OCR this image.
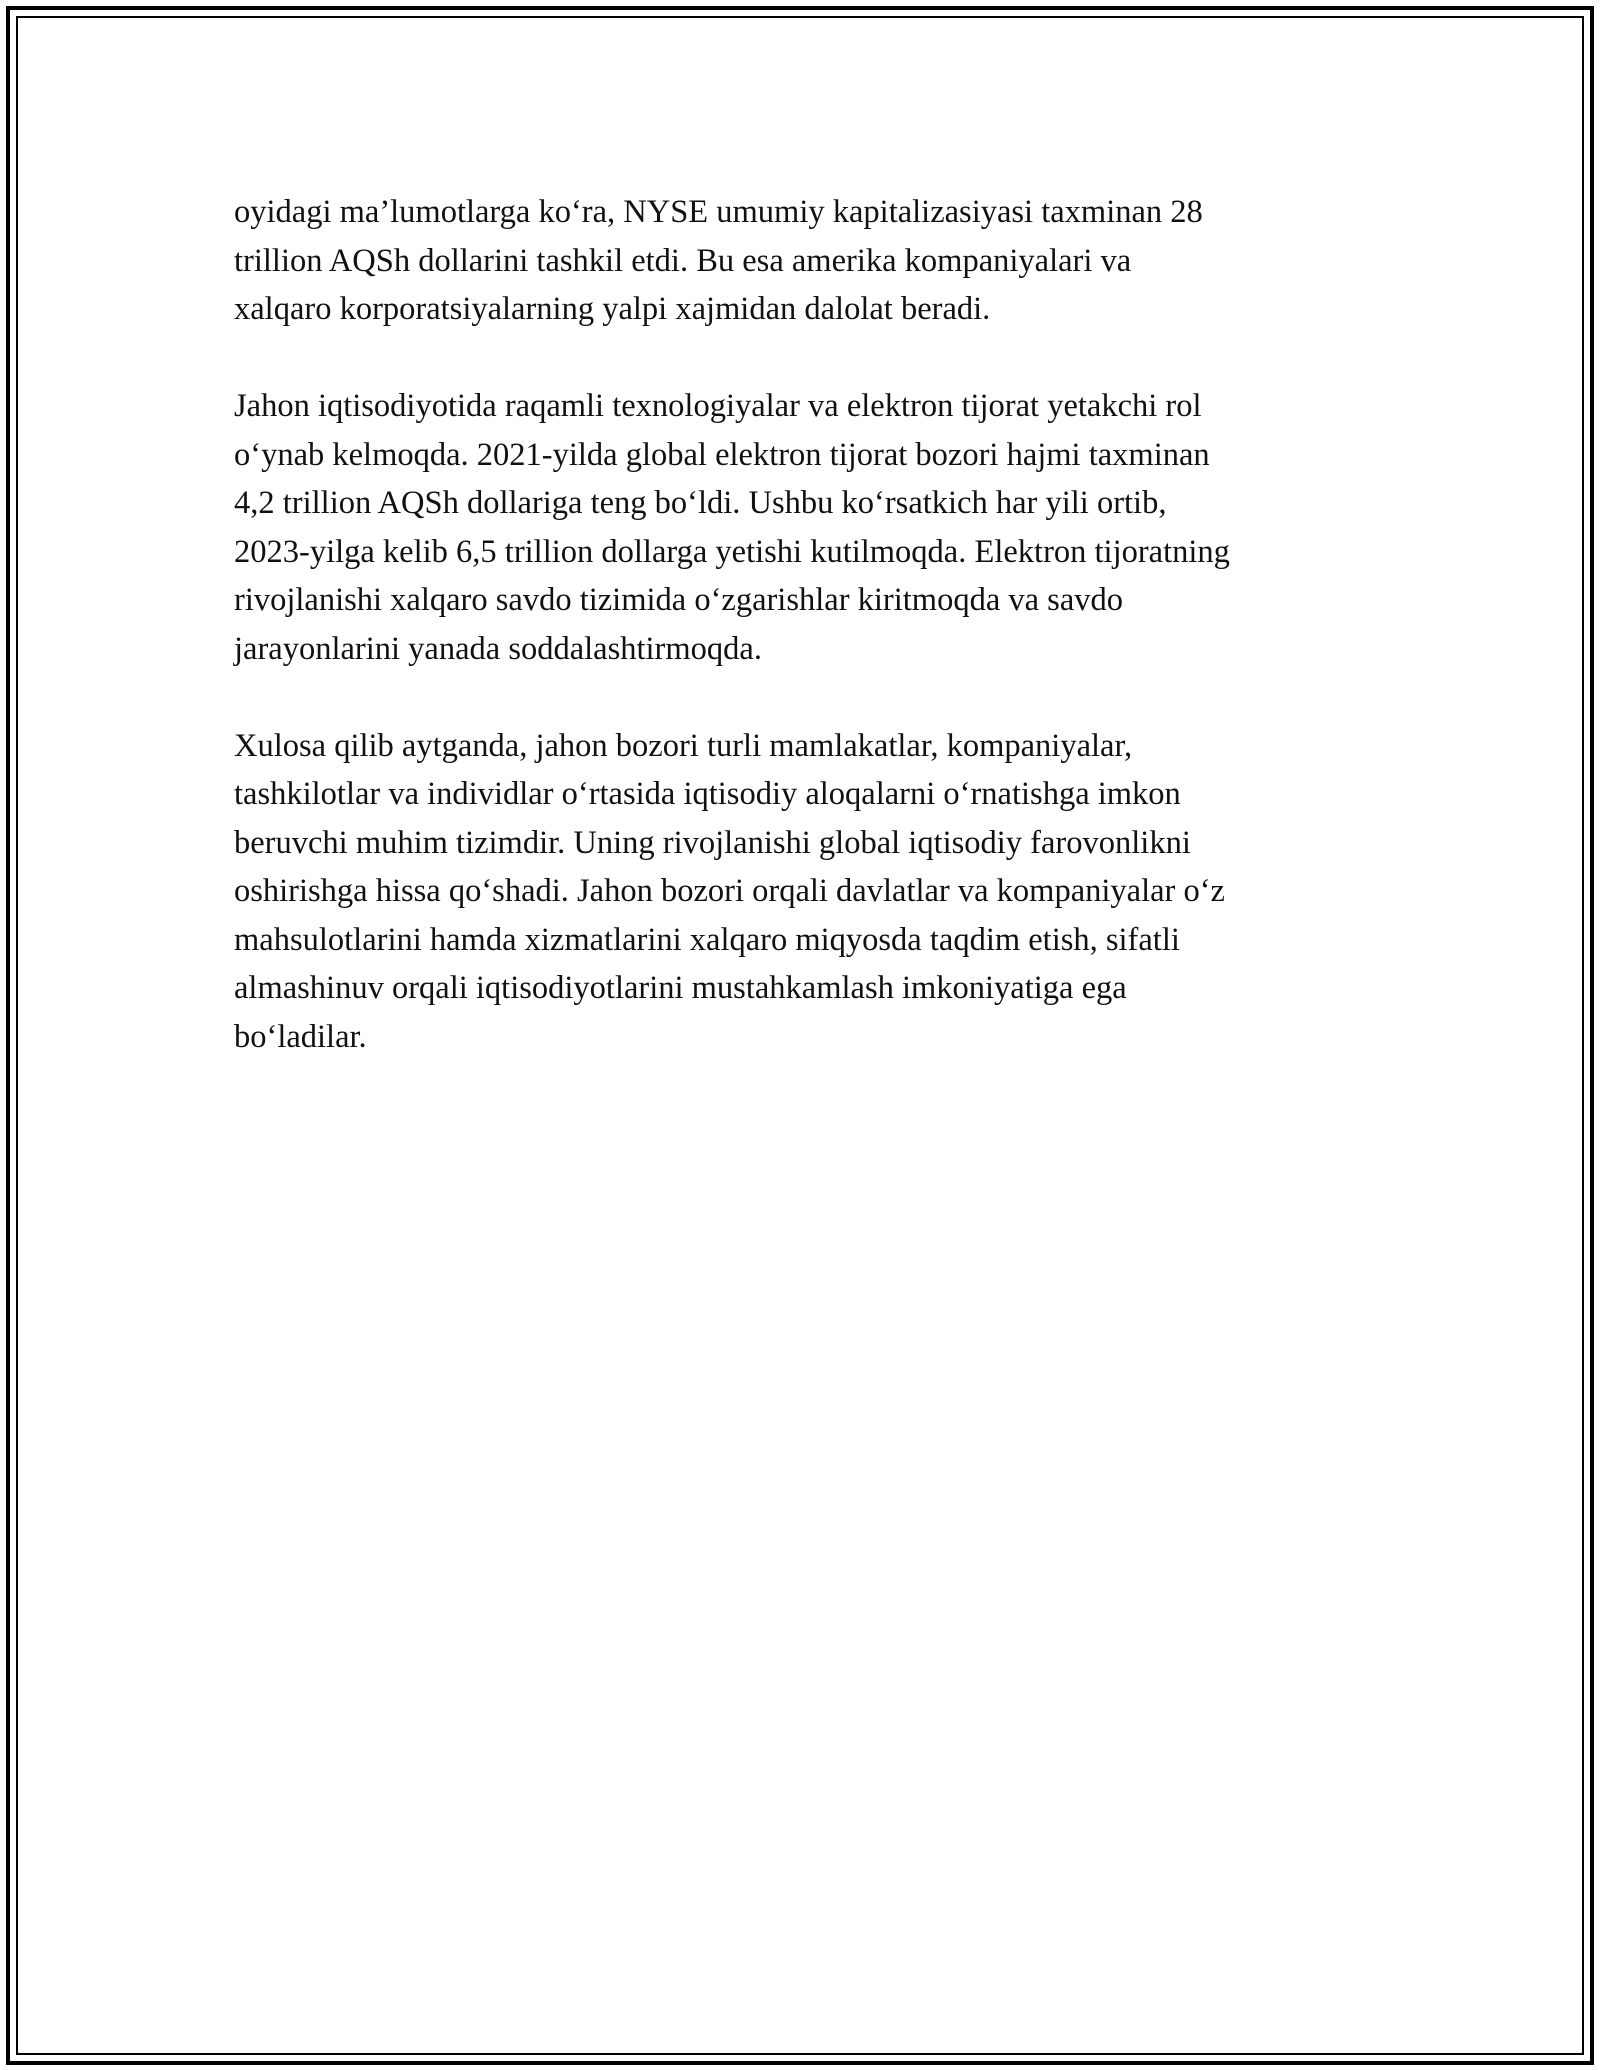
oyidagi ma’lumotlarga ko‘ra, NYSE umumiy kapitalizasiyasi taxminan 28
trillion AQSh dollarini tashkil etdi. Bu esa amerika kompaniyalari va
xalqaro korporatsiyalarning yalpi xajmidan dalolat beradi.

Jahon iqtisodiyotida raqamli texnologiyalar va elektron tijorat yetakchi rol
o‘ynab kelmoqda. 2021-yilda global elektron tijorat bozori hajmi taxminan
4,2 trillion AQSh dollariga teng bo‘ldi. Ushbu ko‘rsatkich har yili ortib,
2023-yilga kelib 6,5 trillion dollarga yetishi kutilmoqda. Elektron tijoratning
rivojlanishi xalqaro savdo tizimida o‘zgarishlar kiritmoqda va savdo
jarayonlarini yanada soddalashtirmoqda.

Xulosa qilib aytganda, jahon bozori turli mamlakatlar, kompaniyalar,
tashkilotlar va individlar o‘rtasida iqtisodiy aloqalarni o‘rnatishga imkon
beruvchi muhim tizimdir. Uning rivojlanishi global iqtisodiy farovonlikni
oshirishga hissa qo‘shadi. Jahon bozori orqali davlatlar va kompaniyalar o‘z
mahsulotlarini hamda xizmatlarini xalqaro miqyosda taqdim etish, sifatli
almashinuv orqali iqtisodiyotlarini mustahkamlash imkoniyatiga ega
bo‘ladilar.
